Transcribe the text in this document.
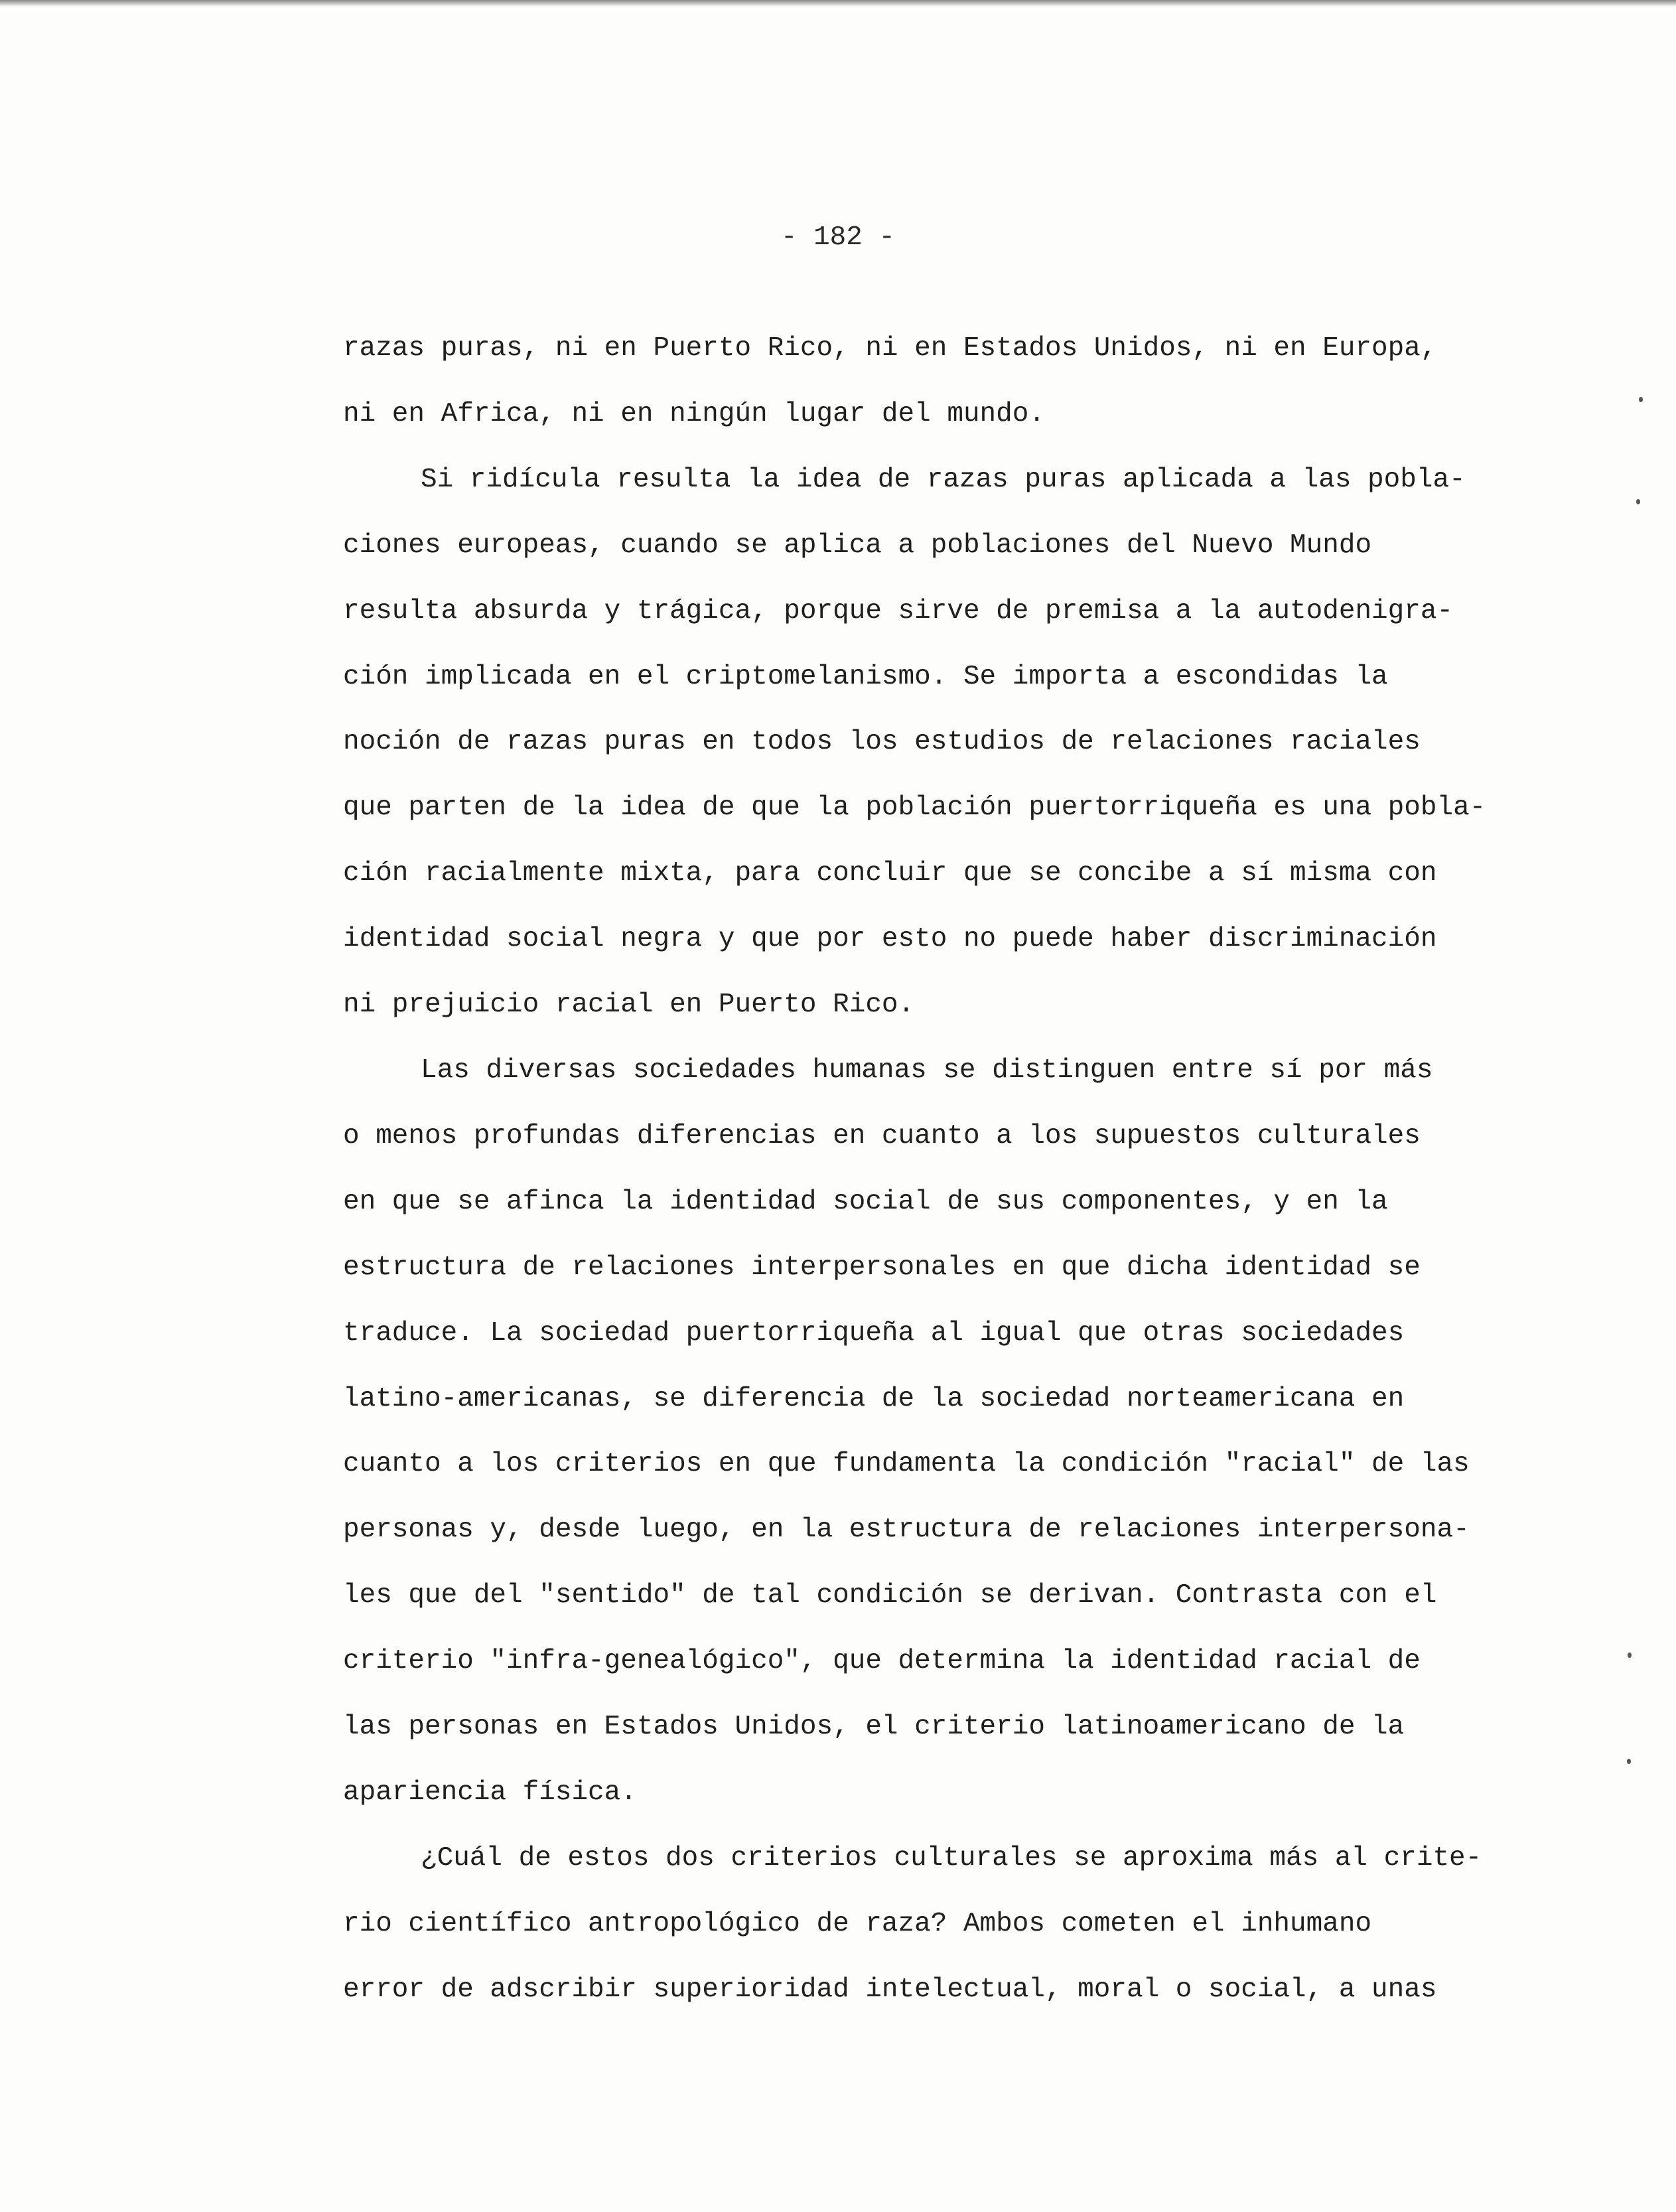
- 182 -
razas puras, ni en Puerto Rico, ni en Estados Unidos, ni en Europa,
ni en Africa, ni en ningún lugar del mundo.
Si ridícula resulta la idea de razas puras aplicada a las pobla-
ciones europeas, cuando se aplica a poblaciones del Nuevo Mundo
resulta absurda y trágica, porque sirve de premisa a la autodenigra-
ción implicada en el criptomelanismo. Se importa a escondidas la
noción de razas puras en todos los estudios de relaciones raciales
que parten de la idea de que la población puertorriqueña es una pobla-
ción racialmente mixta, para concluir que se concibe a sí misma con
identidad social negra y que por esto no puede haber discriminación
ni prejuicio racial en Puerto Rico.
Las diversas sociedades humanas se distinguen entre sí por más
o menos profundas diferencias en cuanto a los supuestos culturales
en que se afinca la identidad social de sus componentes, y en la
estructura de relaciones interpersonales en que dicha identidad se
traduce. La sociedad puertorriqueña al igual que otras sociedades
latino-americanas, se diferencia de la sociedad norteamericana en
cuanto a los criterios en que fundamenta la condición "racial" de las
personas y, desde luego, en la estructura de relaciones interpersona-
les que del "sentido" de tal condición se derivan. Contrasta con el
criterio "infra-genealógico", que determina la identidad racial de
las personas en Estados Unidos, el criterio latinoamericano de la
apariencia física.
¿Cuál de estos dos criterios culturales se aproxima más al crite-
rio científico antropológico de raza? Ambos cometen el inhumano
error de adscribir superioridad intelectual, moral o social, a unas
